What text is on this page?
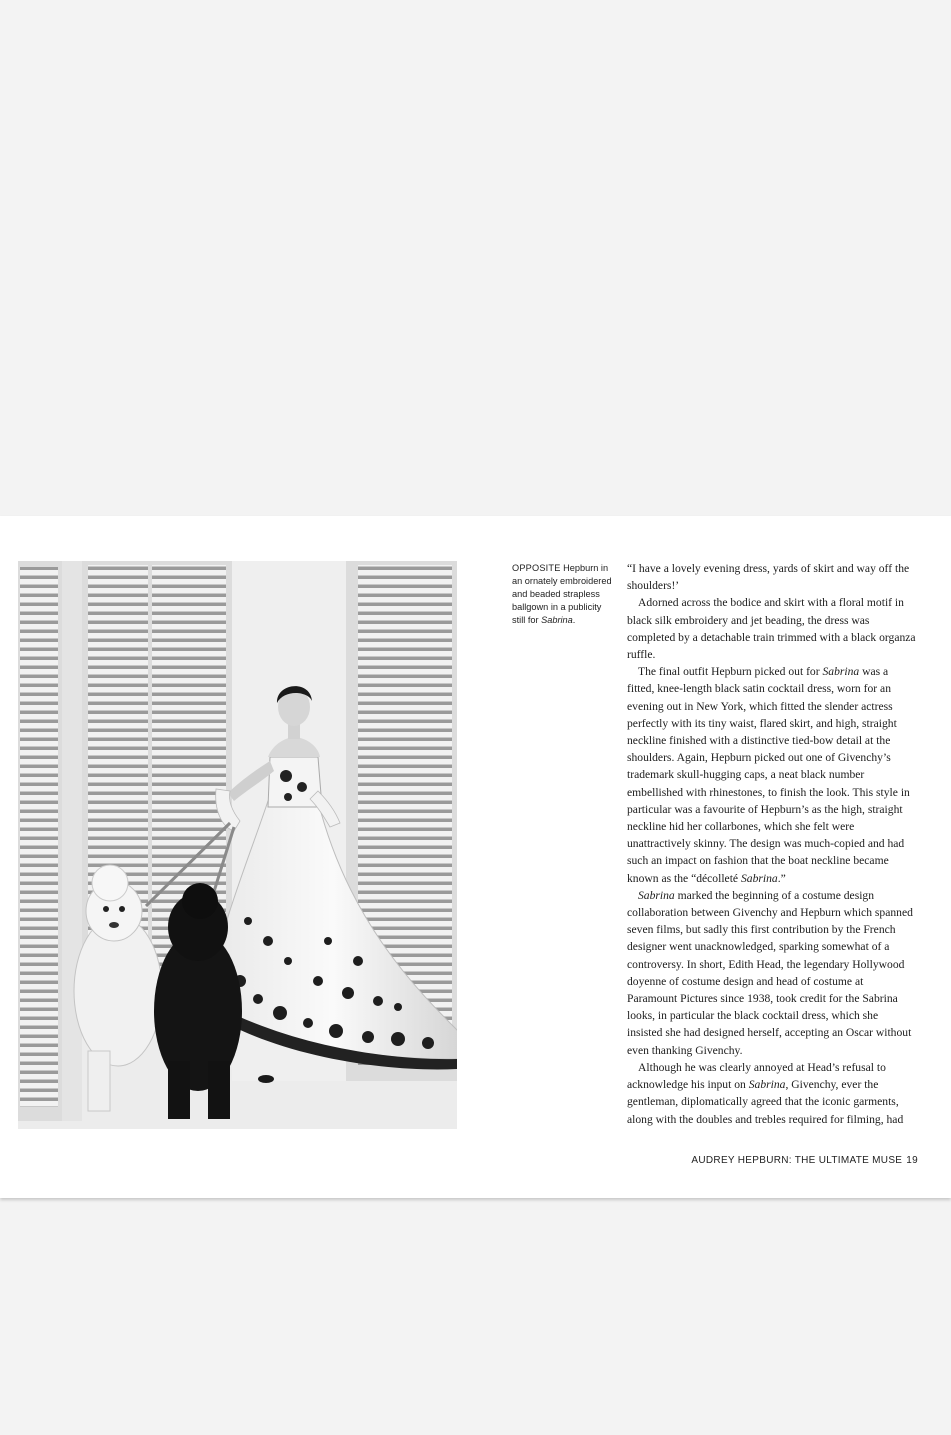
OPPOSITE Hepburn in an ornately embroidered and beaded strapless ballgown in a publicity still for Sabrina.

“I have a lovely evening dress, yards of skirt and way off the shoulders!’

Adorned across the bodice and skirt with a floral motif in black silk embroidery and jet beading, the dress was completed by a detachable train trimmed with a black organza ruffle.

The final outfit Hepburn picked out for Sabrina was a fitted, knee-length black satin cocktail dress, worn for an evening out in New York, which fitted the slender actress perfectly with its tiny waist, flared skirt, and high, straight neckline finished with a distinctive tied-bow detail at the shoulders. Again, Hepburn picked out one of Givenchy’s trademark skull-hugging caps, a neat black number embellished with rhinestones, to finish the look. This style in particular was a favourite of Hepburn’s as the high, straight neckline hid her collarbones, which she felt were unattractively skinny. The design was much-copied and had such an impact on fashion that the boat neckline became known as the “décolleté Sabrina.”

Sabrina marked the beginning of a costume design collaboration between Givenchy and Hepburn which spanned seven films, but sadly this first contribution by the French designer went unacknowledged, sparking somewhat of a controversy. In short, Edith Head, the legendary Hollywood doyenne of costume design and head of costume at Paramount Pictures since 1938, took credit for the Sabrina looks, in particular the black cocktail dress, which she insisted she had designed herself, accepting an Oscar without even thanking Givenchy.

Although he was clearly annoyed at Head’s refusal to acknowledge his input on Sabrina, Givenchy, ever the gentleman, diplomatically agreed that the iconic garments, along with the doubles and trebles required for filming, had

AUDREY HEPBURN: THE ULTIMATE MUSE 19
